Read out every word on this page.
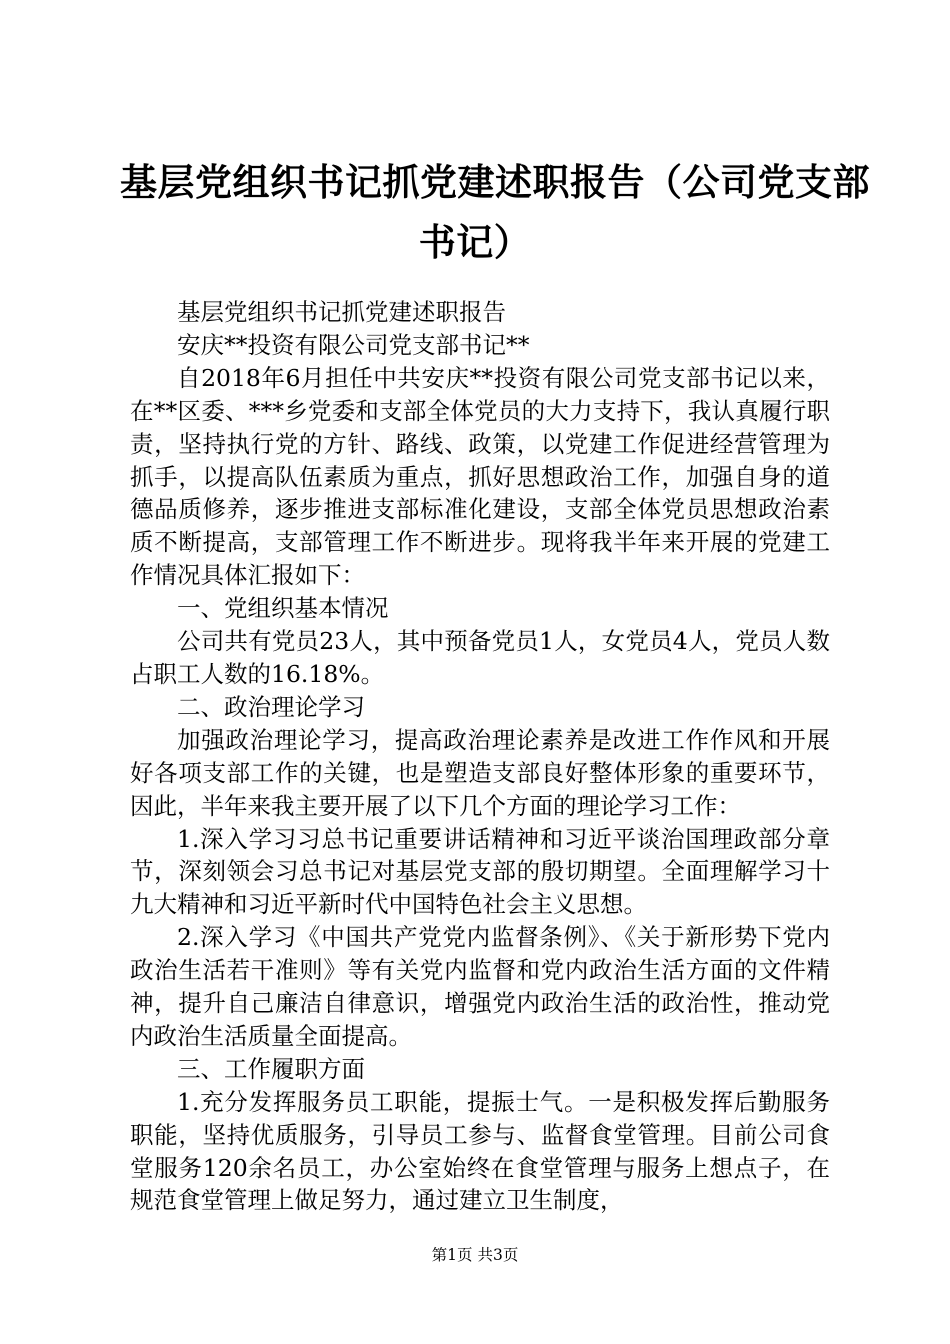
基层党组织书记抓党建述职报告（公司党支部
书记）

基层党组织书记抓党建述职报告

安庆**投资有限公司党支部书记**

自2018年6月担任中共安庆**投资有限公司党支部书记以来，在**区委、***乡党委和支部全体党员的大力支持下，我认真履行职责，坚持执行党的方针、路线、政策，以党建工作促进经营管理为抓手，以提高队伍素质为重点，抓好思想政治工作，加强自身的道德品质修养，逐步推进支部标准化建设，支部全体党员思想政治素质不断提高，支部管理工作不断进步。现将我半年来开展的党建工作情况具体汇报如下：

一、党组织基本情况

公司共有党员23人，其中预备党员1人，女党员4人，党员人数占职工人数的16.18%。

二、政治理论学习

加强政治理论学习，提高政治理论素养是改进工作作风和开展好各项支部工作的关键，也是塑造支部良好整体形象的重要环节，因此，半年来我主要开展了以下几个方面的理论学习工作：

1.深入学习习总书记重要讲话精神和习近平谈治国理政部分章节，深刻领会习总书记对基层党支部的殷切期望。全面理解学习十九大精神和习近平新时代中国特色社会主义思想。

2.深入学习《中国共产党党内监督条例》、《关于新形势下党内政治生活若干准则》等有关党内监督和党内政治生活方面的文件精神，提升自己廉洁自律意识，增强党内政治生活的政治性，推动党内政治生活质量全面提高。

三、工作履职方面

1.充分发挥服务员工职能，提振士气。一是积极发挥后勤服务职能，坚持优质服务，引导员工参与、监督食堂管理。目前公司食堂服务120余名员工，办公室始终在食堂管理与服务上想点子，在规范食堂管理上做足努力，通过建立卫生制度，

第1页 共3页
